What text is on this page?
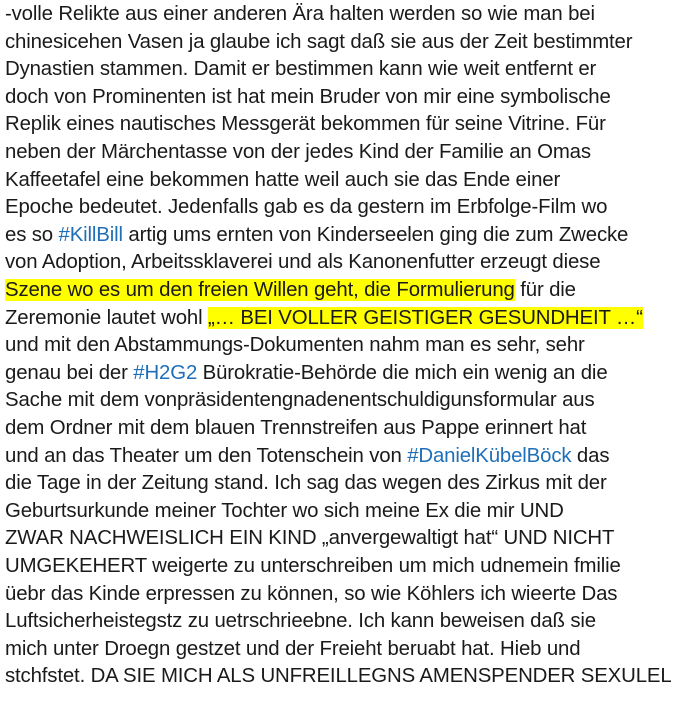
-volle Relikte aus einer anderen Ära halten werden so wie man bei
chinesicehen Vasen ja glaube ich sagt daß sie aus der Zeit bestimmter
Dynastien stammen. Damit er bestimmen kann wie weit entfernt er
doch von Prominenten ist hat mein Bruder von mir eine symbolische
Replik eines nautisches Messgerät bekommen für seine Vitrine. Für
neben der Märchentasse von der jedes Kind der Familie an Omas
Kaffeetafel eine bekommen hatte weil auch sie das Ende einer
Epoche bedeutet. Jedenfalls gab es da gestern im Erbfolge-Film wo
es so #KillBill artig ums ernten von Kinderseelen ging die zum Zwecke
von Adoption, Arbeitssklaverei und als Kanonenfutter erzeugt diese
Szene wo es um den freien Willen geht, die Formulierung für die
Zeremonie lautet wohl „… BEI VOLLER GEISTIGER GESUNDHEIT …“
und mit den Abstammungs-Dokumenten nahm man es sehr, sehr
genau bei der #H2G2 Bürokratie-Behörde die mich ein wenig an die
Sache mit dem vonpräsidentengnadenentschuldigunsformular aus
dem Ordner mit dem blauen Trennstreifen aus Pappe erinnert hat
und an das Theater um den Totenschein von #DanielKübelBöck das
die Tage in der Zeitung stand. Ich sag das wegen des Zirkus mit der
Geburtsurkunde meiner Tochter wo sich meine Ex die mir UND
ZWAR NACHWEISLICH EIN KIND „anvergewaltigt hat“ UND NICHT
UMGEKEHERT weigerte zu unterschreiben um mich udnemein fmilie
üebr das Kinde erpressen zu können, so wie Köhlers ich wieerte Das
Luftsicherheistegstz zu uetrschrieebne. Ich kann beweisen daß sie
mich unter Droegn gestzet und der Freieht beruabt hat. Hieb und
stchfstet. DA SIE MICH ALS UNFREILLEGNS AMENSPENDER SEXULEL
